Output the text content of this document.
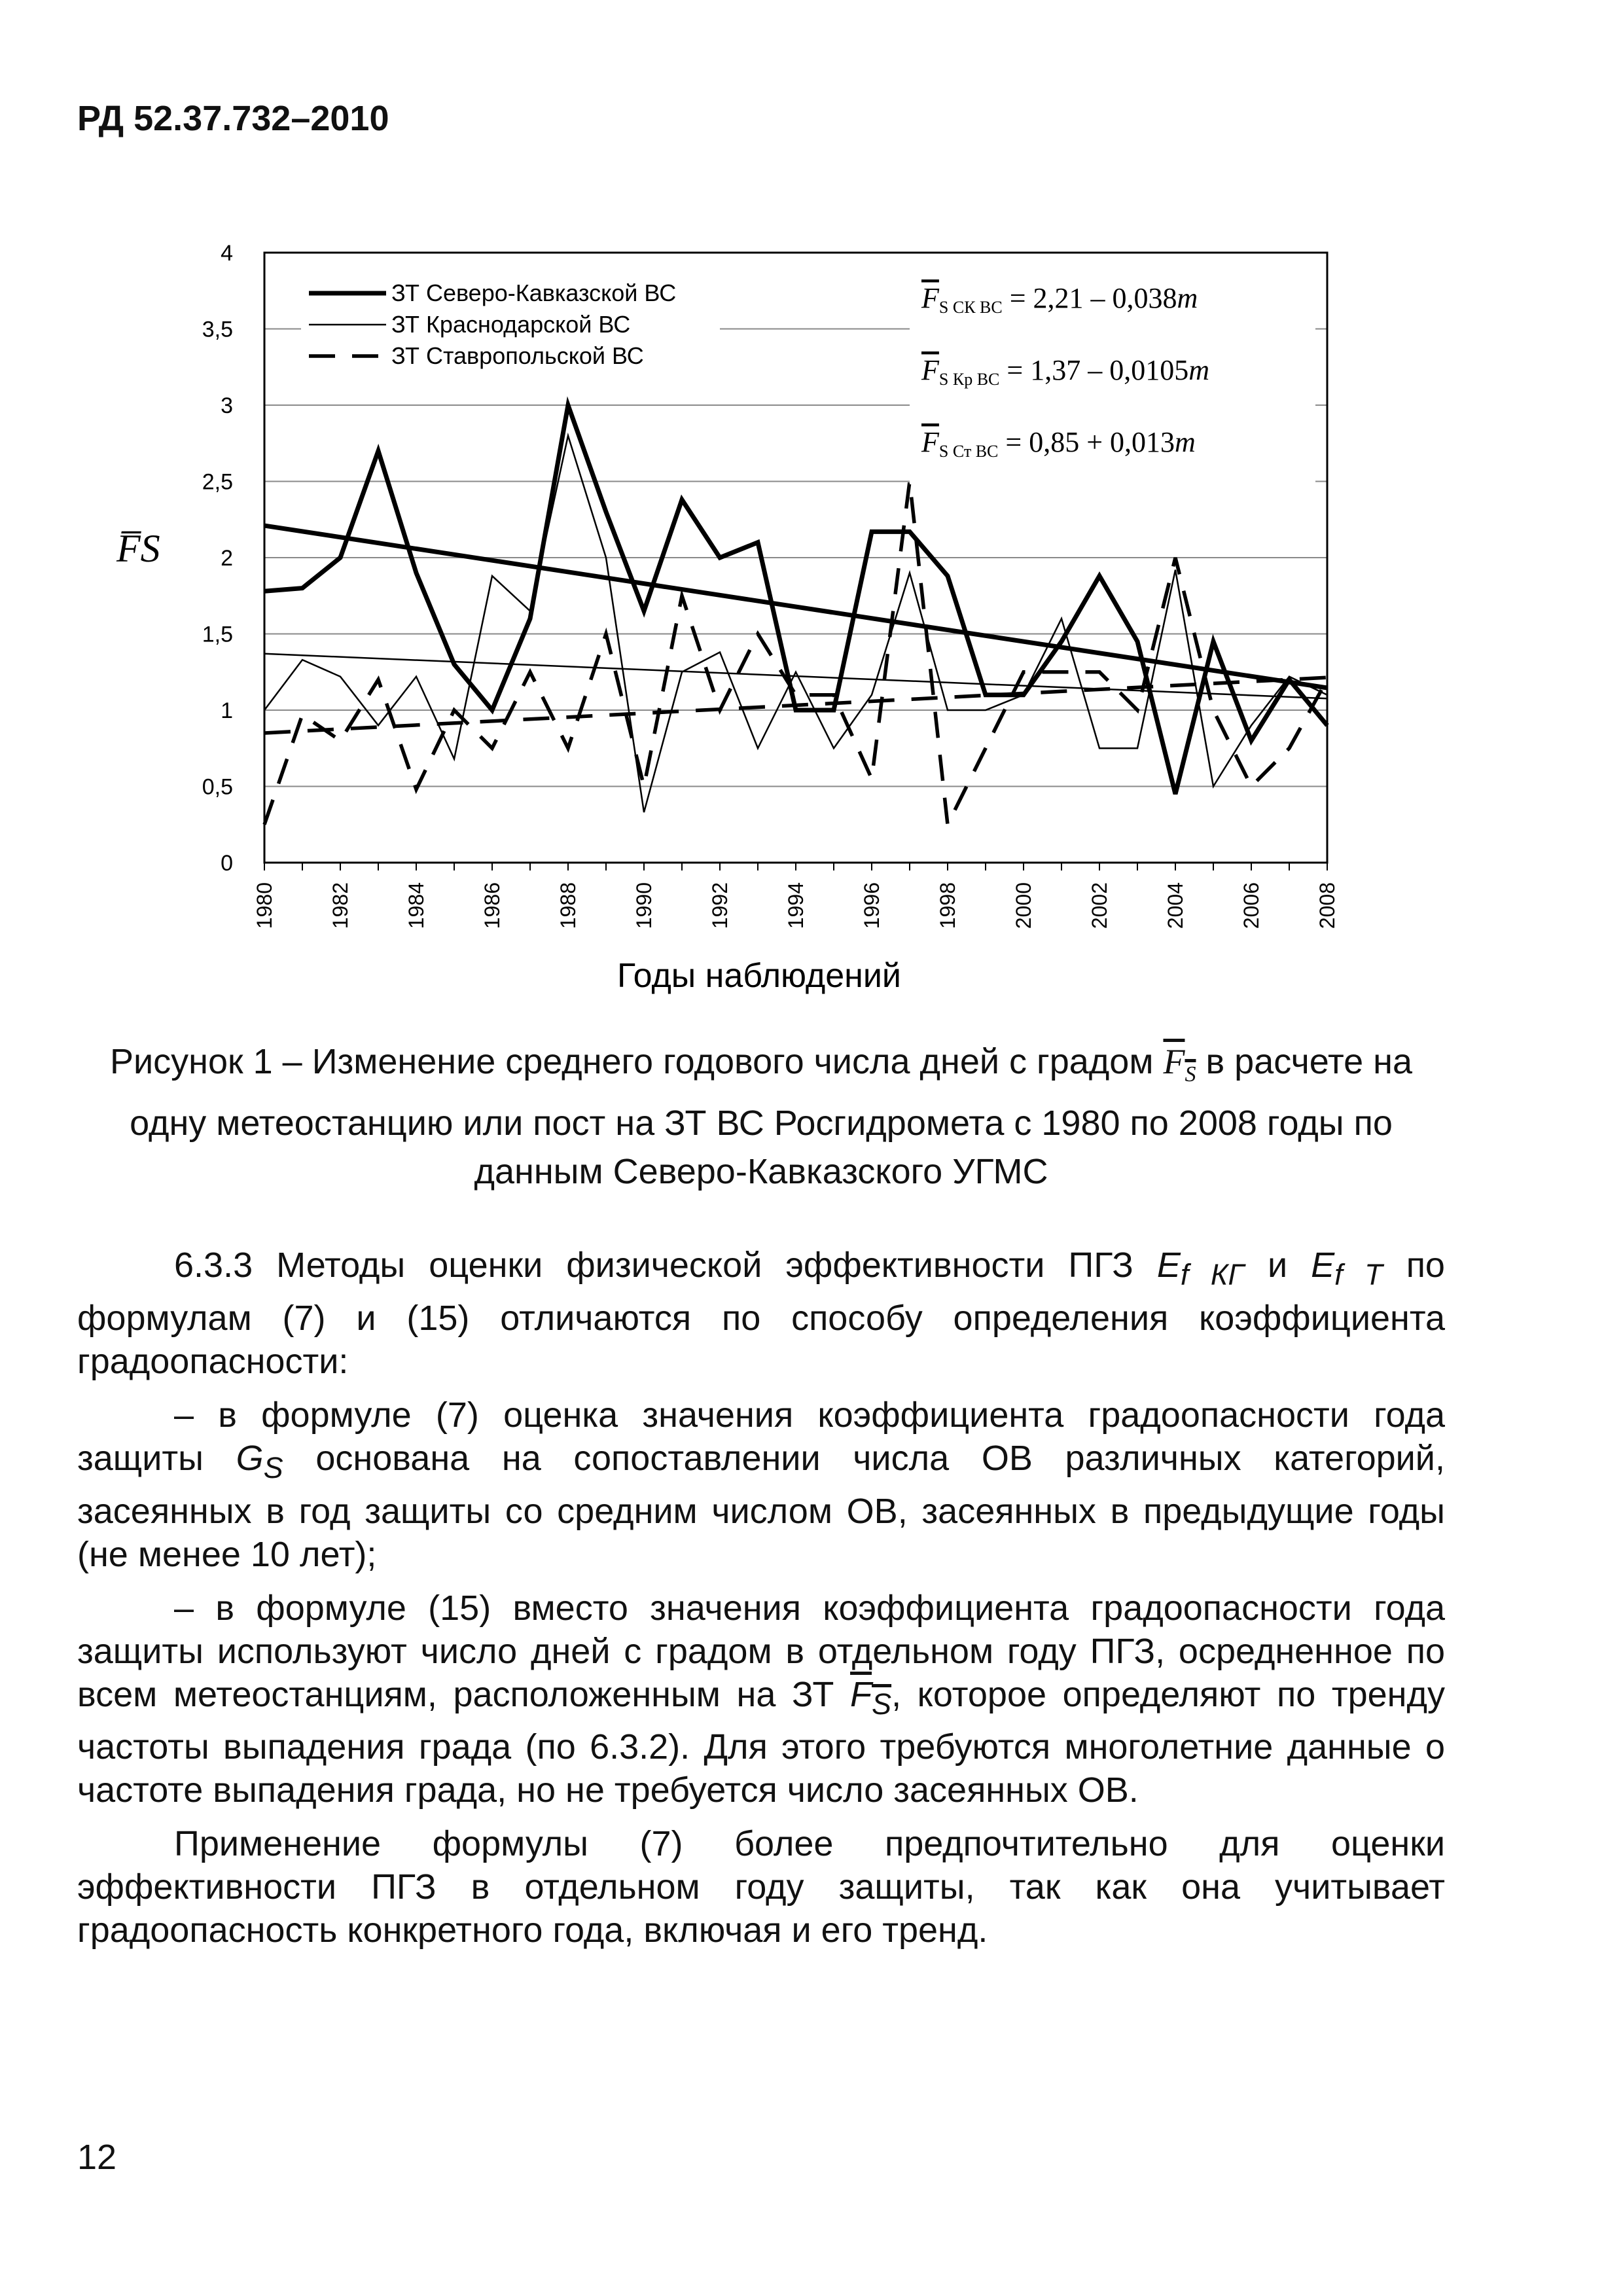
РД 52.37.732–2010
0
0,5
1
1,5
2
2,5
3
3,5
4
1980	1982	1984	1986	1988	1990	1992	1994	1996	1998	2000	2002	2004	2006	2008
ЗТ Северо-Кавказской ВС
ЗТ Краснодарской ВС
ЗТ Ставропольской ВС
FS СК ВС = 2,21 – 0,038m
FS Кр ВС = 1,37 – 0,0105m
FS Ст ВС = 0,85 + 0,013m
F̅S
Годы наблюдений
Рисунок 1 – Изменение среднего годового числа дней с градом $F_S$ в расчете на одну метеостанцию или пост на ЗТ ВС Росгидромета с 1980 по 2008 годы по данным Северо-Кавказского УГМС

6.3.3 Методы оценки физической эффективности ПГЗ $E_{f КГ}$ и $E_{f Т}$ по формулам (7) и (15) отличаются по способу определения коэффициента градоопасности:

– в формуле (7) оценка значения коэффициента градоопасности года защиты $G_S$ основана на сопоставлении числа ОВ различных категорий, засеянных в год защиты со средним числом ОВ, засеянных в предыдущие годы (не менее 10 лет);

– в формуле (15) вместо значения коэффициента градоопасности года защиты используют число дней с градом в отдельном году ПГЗ, осредненное по всем метеостанциям, расположенным на ЗТ $F_S$, которое определяют по тренду частоты выпадения града (по 6.3.2). Для этого требуются многолетние данные о частоте выпадения града, но не требуется число засеянных ОВ.

Применение формулы (7) более предпочтительно для оценки эффективности ПГЗ в отдельном году защиты, так как она учитывает градоопасность конкретного года, включая и его тренд.

12
